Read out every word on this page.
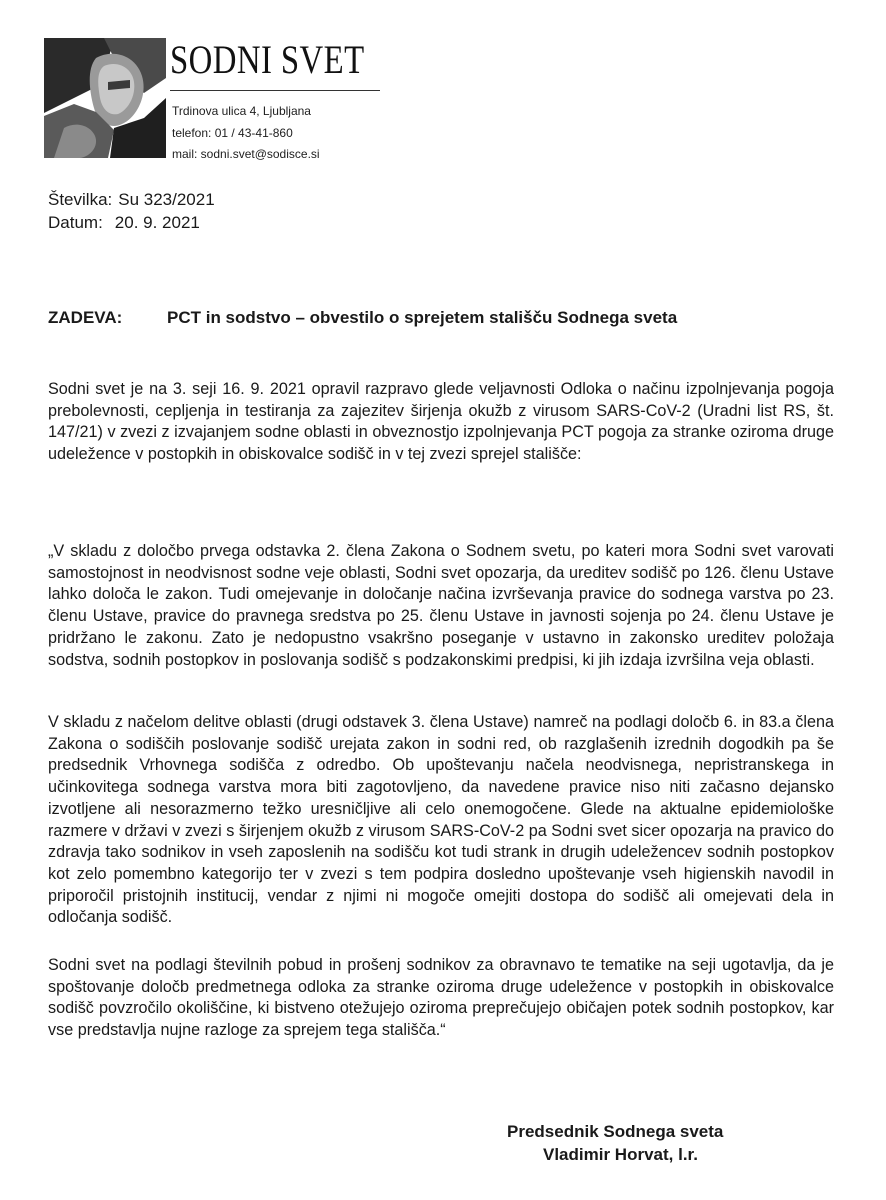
SODNI SVET
Trdinova ulica 4, Ljubljana
telefon: 01 / 43-41-860
mail: sodni.svet@sodisce.si
Številka: Su 323/2021
Datum: 20. 9. 2021
ZADEVA:	PCT in sodstvo – obvestilo o sprejetem stališču Sodnega sveta

Sodni svet je na 3. seji 16. 9. 2021 opravil razpravo glede veljavnosti Odloka o načinu izpolnjevanja pogoja prebolevnosti, cepljenja in testiranja za zajezitev širjenja okužb z virusom SARS-CoV-2 (Uradni list RS, št. 147/21) v zvezi z izvajanjem sodne oblasti in obveznostjo izpolnjevanja PCT pogoja za stranke oziroma druge udeležence v postopkih in obiskovalce sodišč in v tej zvezi sprejel stališče:

„V skladu z določbo prvega odstavka 2. člena Zakona o Sodnem svetu, po kateri mora Sodni svet varovati samostojnost in neodvisnost sodne veje oblasti, Sodni svet opozarja, da ureditev sodišč po 126. členu Ustave lahko določa le zakon. Tudi omejevanje in določanje načina izvrševanja pravice do sodnega varstva po 23. členu Ustave, pravice do pravnega sredstva po 25. členu Ustave in javnosti sojenja po 24. členu Ustave je pridržano le zakonu. Zato je nedopustno vsakršno poseganje v ustavno in zakonsko ureditev položaja sodstva, sodnih postopkov in poslovanja sodišč s podzakonskimi predpisi, ki jih izdaja izvršilna veja oblasti.

V skladu z načelom delitve oblasti (drugi odstavek 3. člena Ustave) namreč na podlagi določb 6. in 83.a člena Zakona o sodiščih poslovanje sodišč urejata zakon in sodni red, ob razglašenih izrednih dogodkih pa še predsednik Vrhovnega sodišča z odredbo. Ob upoštevanju načela neodvisnega, nepristranskega in učinkovitega sodnega varstva mora biti zagotovljeno, da navedene pravice niso niti začasno dejansko izvotljene ali nesorazmerno težko uresničljive ali celo onemogočene. Glede na aktualne epidemiološke razmere v državi v zvezi s širjenjem okužb z virusom SARS-CoV-2 pa Sodni svet sicer opozarja na pravico do zdravja tako sodnikov in vseh zaposlenih na sodišču kot tudi strank in drugih udeležencev sodnih postopkov kot zelo pomembno kategorijo ter v zvezi s tem podpira dosledno upoštevanje vseh higienskih navodil in priporočil pristojnih institucij, vendar z njimi ni mogoče omejiti dostopa do sodišč ali omejevati dela in odločanja sodišč.

Sodni svet na podlagi številnih pobud in prošenj sodnikov za obravnavo te tematike na seji ugotavlja, da je spoštovanje določb predmetnega odloka za stranke oziroma druge udeležence v postopkih in obiskovalce sodišč povzročilo okoliščine, ki bistveno otežujejo oziroma preprečujejo običajen potek sodnih postopkov, kar vse predstavlja nujne razloge za sprejem tega stališča.“

Predsednik Sodnega sveta
Vladimir Horvat, l.r.
